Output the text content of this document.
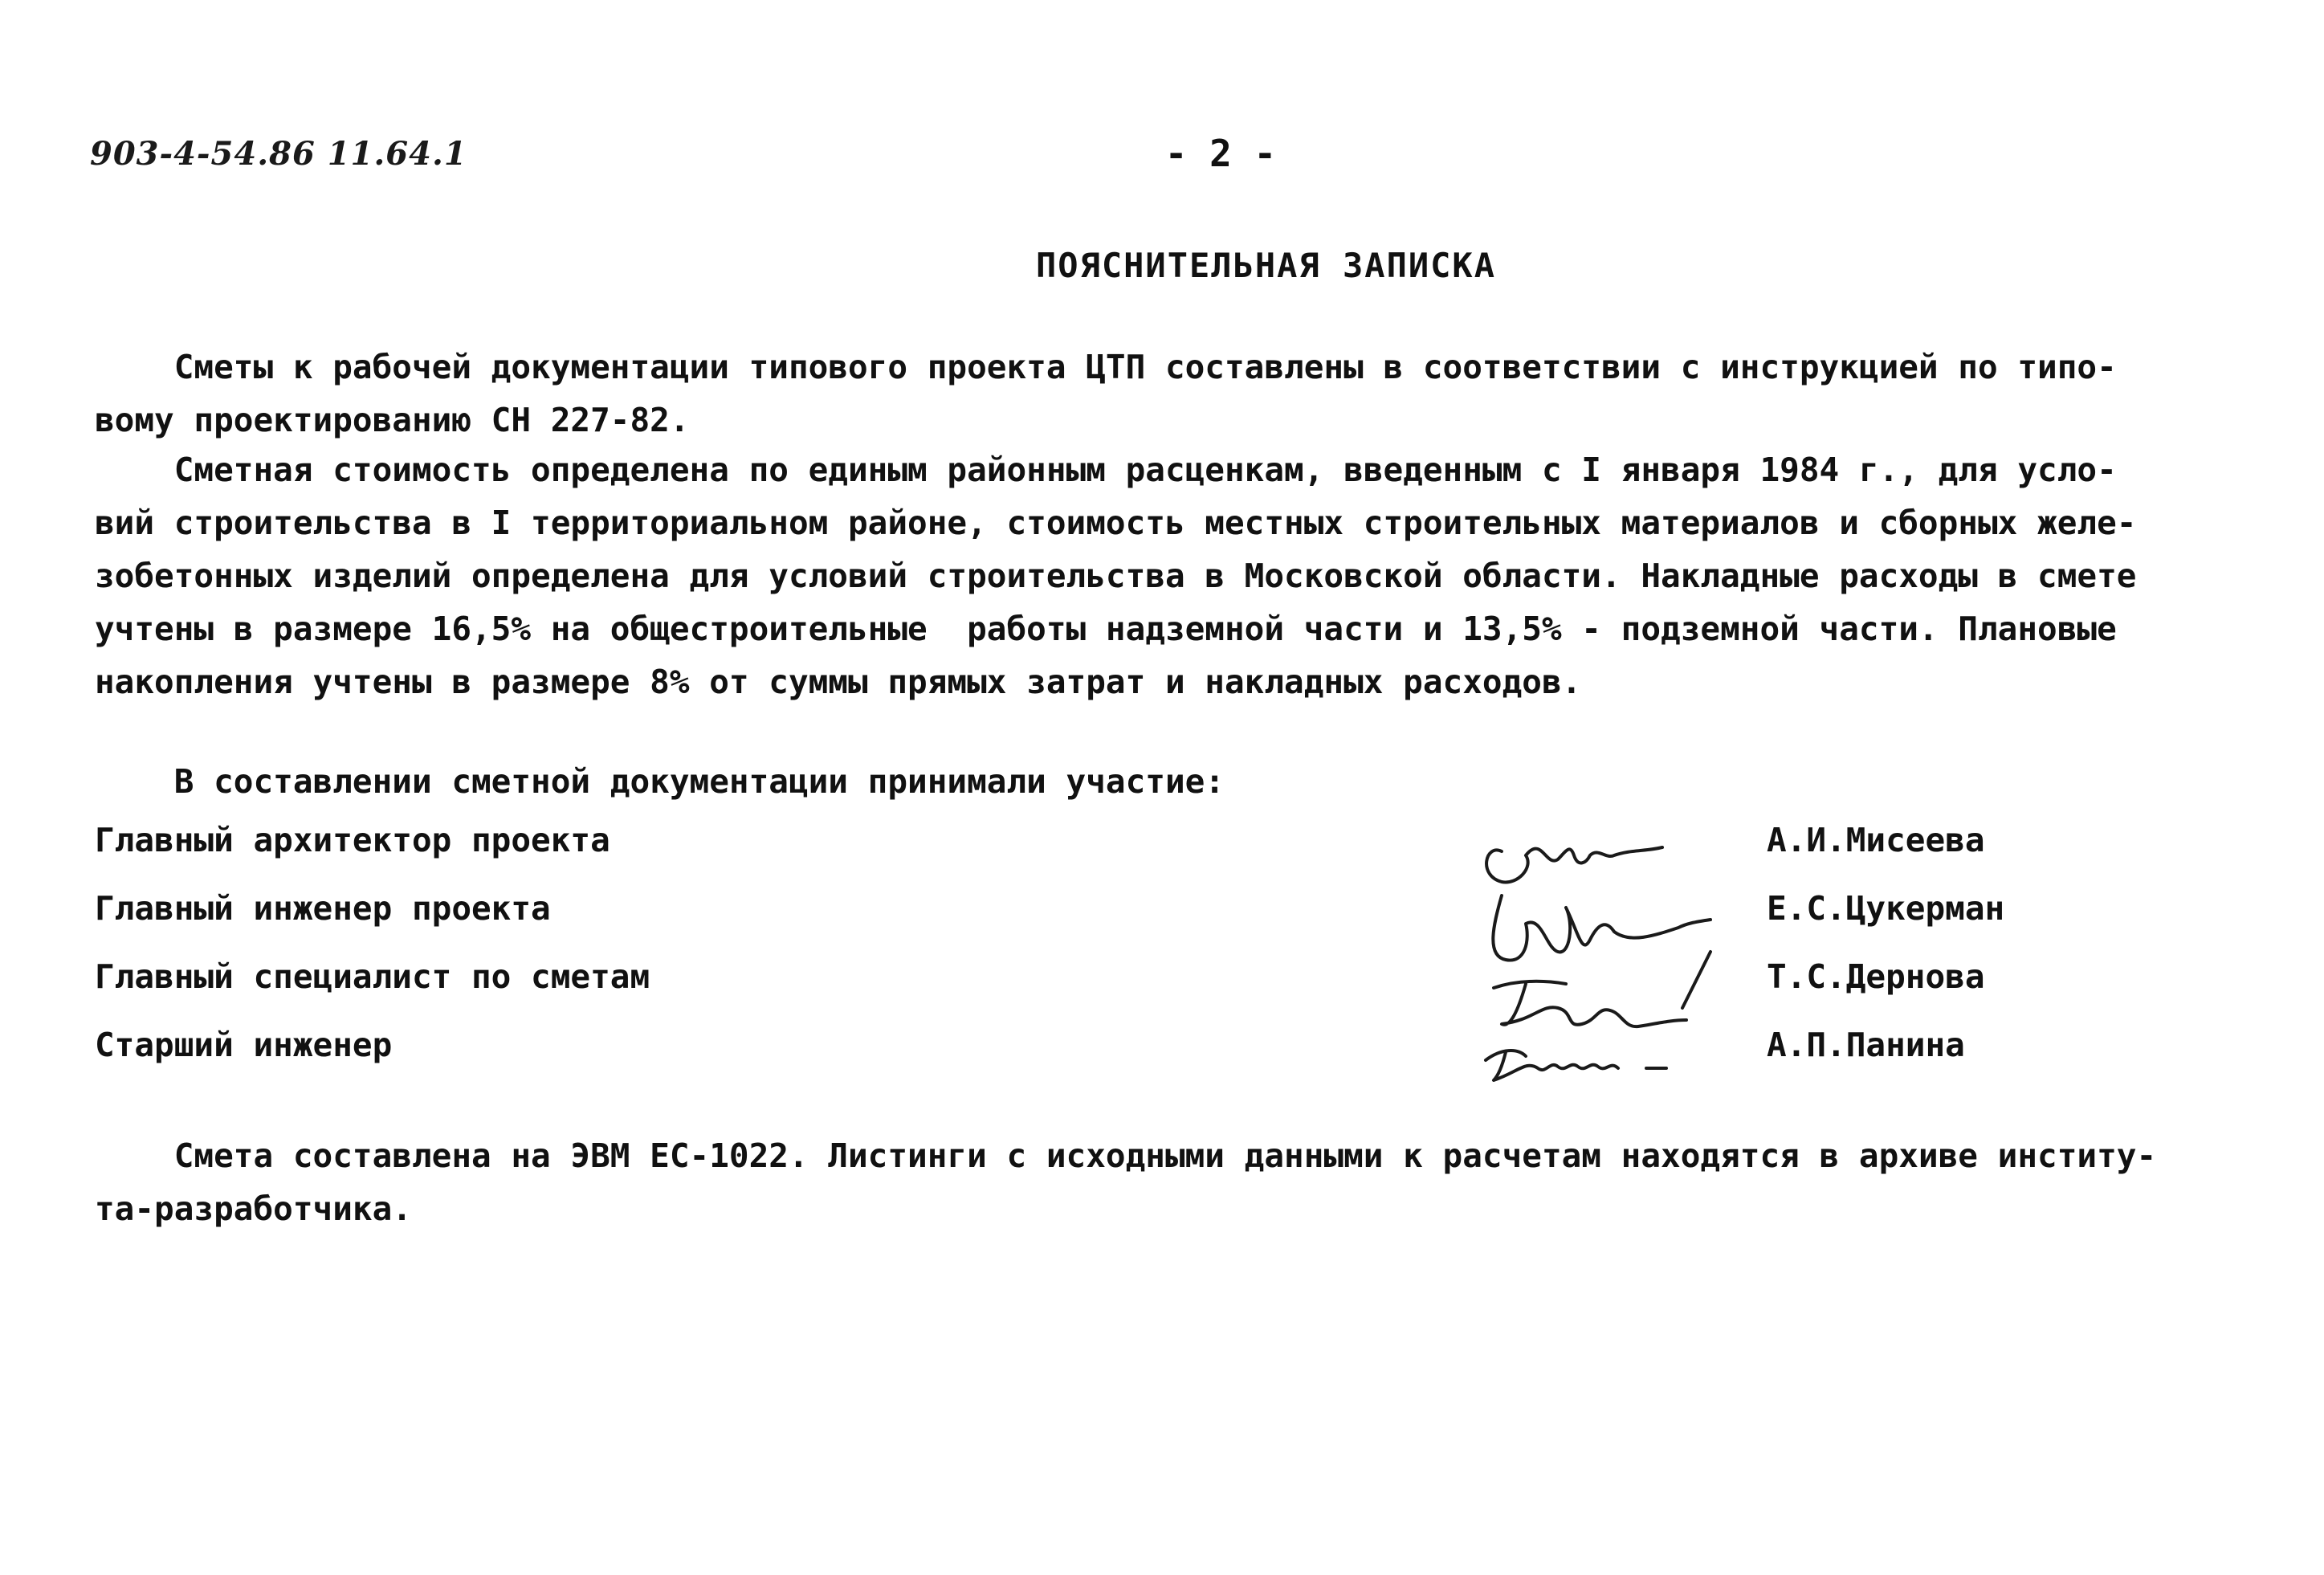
903-4-54.86 11.64.1	- 2 -
ПОЯСНИТЕЛЬНАЯ ЗАПИСКА
Сметы к рабочей документации типового проекта ЦТП составлены в соответствии с инструкцией по типо-
вому проектированию СН 227-82.
Сметная стоимость определена по единым районным расценкам, введенным с I января 1984 г., для усло-
вий строительства в I территориальном районе, стоимость местных строительных материалов и сборных желе-
зобетонных изделий определена для условий строительства в Московской области. Накладные расходы в смете
учтены в размере 16,5% на общестроительные  работы надземной части и 13,5% - подземной части. Плановые
накопления учтены в размере 8% от суммы прямых затрат и накладных расходов.
В составлении сметной документации принимали участие:
Главный архитектор проекта	А.И.Мисеева
Главный инженер проекта	Е.С.Цукерман
Главный специалист по сметам	Т.С.Дернова
Старший инженер	А.П.Панина
Смета составлена на ЭВМ ЕС-1022. Листинги с исходными данными к расчетам находятся в архиве институ-
та-разработчика.
